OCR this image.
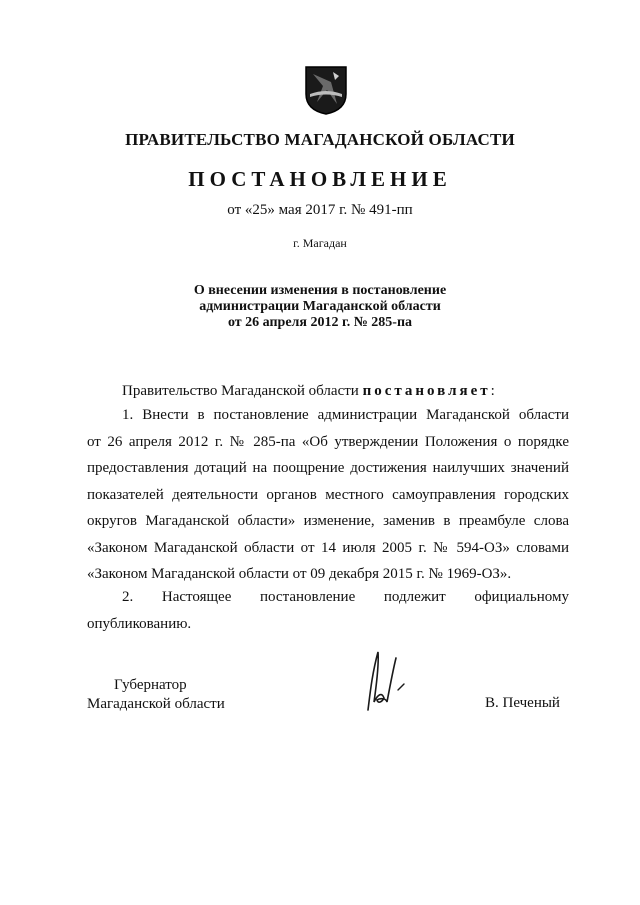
ПРАВИТЕЛЬСТВО МАГАДАНСКОЙ ОБЛАСТИ
ПОСТАНОВЛЕНИЕ
от «25» мая 2017 г. № 491-пп
г. Магадан
О внесении изменения в постановление
администрации Магаданской области
от 26 апреля 2012 г. № 285-па
Правительство Магаданской области постановляет:
1. Внести в постановление администрации Магаданской области
от 26 апреля 2012 г. № 285-па «Об утверждении Положения о порядке
предоставления дотаций на поощрение достижения наилучших значений
показателей деятельности органов местного самоуправления городских
округов Магаданской области» изменение, заменив в преамбуле слова
«Законом Магаданской области от 14 июля 2005 г. № 594-ОЗ» словами
«Законом Магаданской области от 09 декабря 2015 г. № 1969-ОЗ».
2. Настоящее постановление подлежит официальному
опубликованию.
Губернатор
Магаданской области	В. Печеный
